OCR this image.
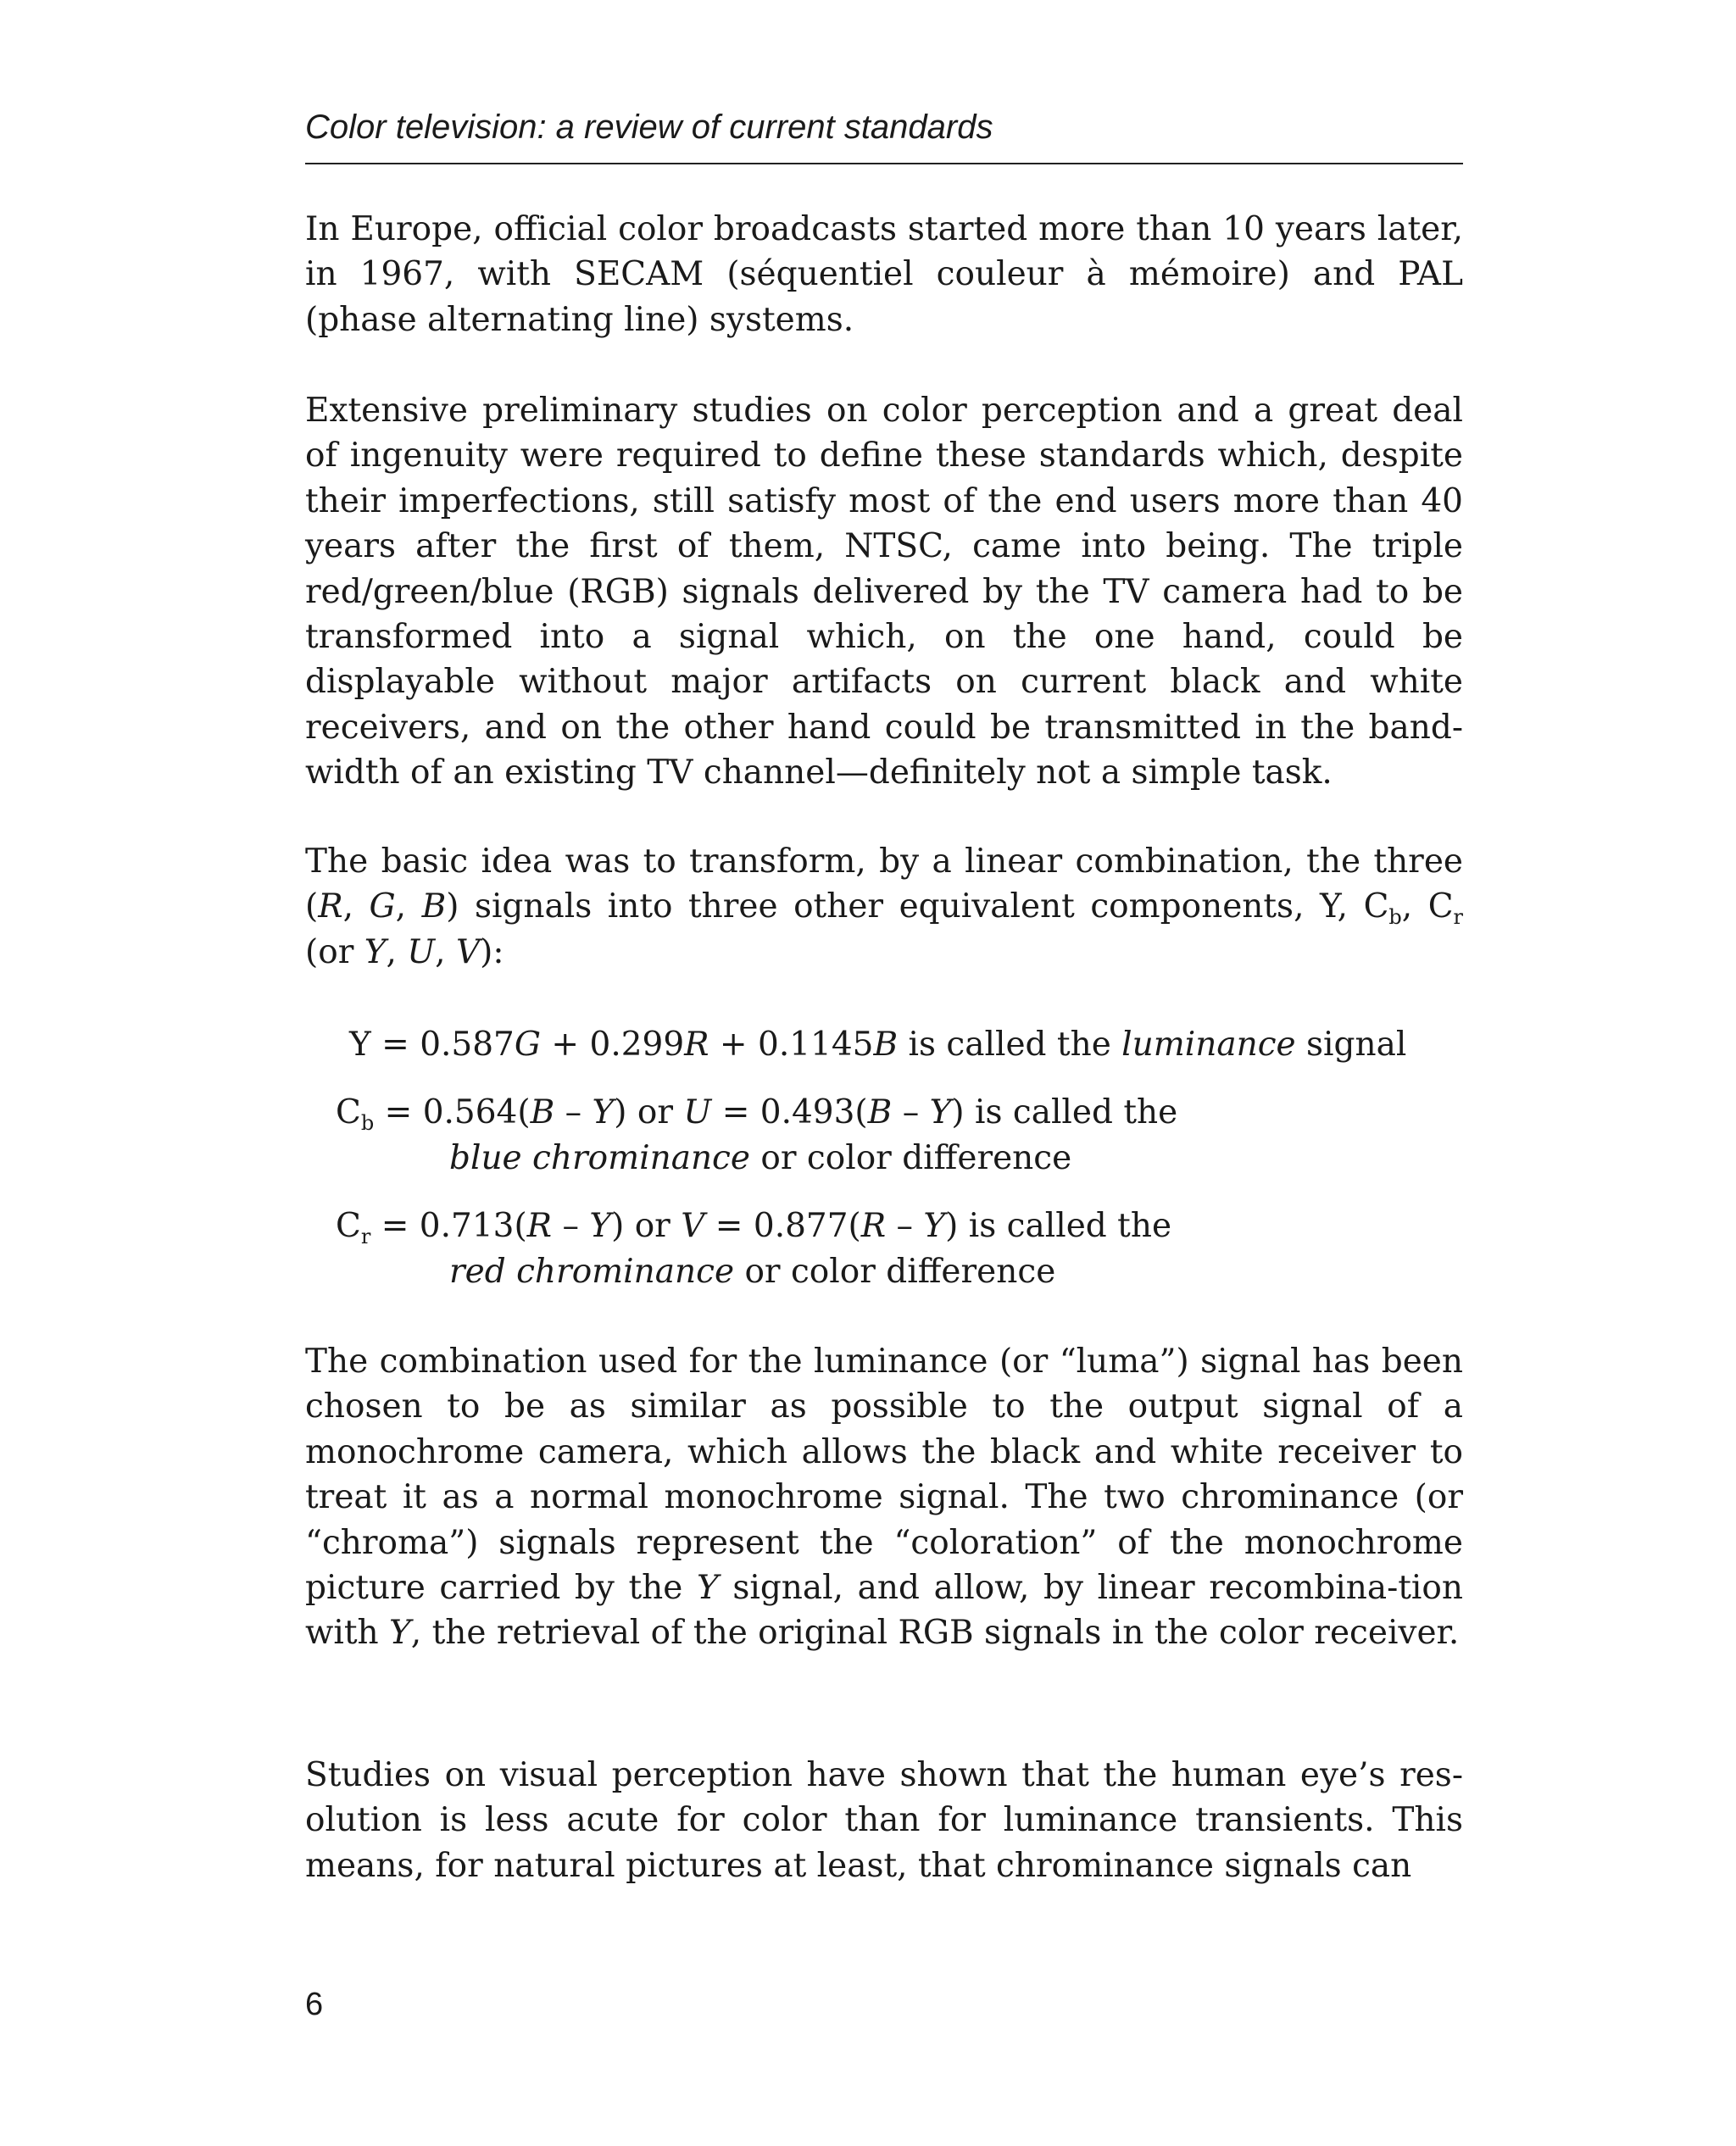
Color television: a review of current standards

In Europe, official color broadcasts started more than 10 years later, in 1967, with SECAM (séquentiel couleur à mémoire) and PAL (phase alternating line) systems.

Extensive preliminary studies on color perception and a great deal of ingenuity were required to define these standards which, despite their imperfections, still satisfy most of the end users more than 40 years after the first of them, NTSC, came into being. The triple red/green/blue (RGB) signals delivered by the TV camera had to be transformed into a signal which, on the one hand, could be displayable without major artifacts on current black and white receivers, and on the other hand could be transmitted in the band-width of an existing TV channel—definitely not a simple task.

The basic idea was to transform, by a linear combination, the three (R, G, B) signals into three other equivalent components, Y, $C_b$, $C_r$ (or Y, U, V):

Y = 0.587G + 0.299R + 0.1145B is called the luminance signal
$C_b = 0.564(B - Y)$ or U = 0.493(B – Y) is called the
blue chrominance or color difference
$C_r = 0.713(R - Y)$ or V = 0.877(R – Y) is called the
red chrominance or color difference

The combination used for the luminance (or “luma”) signal has been chosen to be as similar as possible to the output signal of a monochrome camera, which allows the black and white receiver to treat it as a normal monochrome signal. The two chrominance (or “chroma”) signals represent the “coloration” of the monochrome picture carried by the Y signal, and allow, by linear recombina-tion with Y, the retrieval of the original RGB signals in the color receiver.

Studies on visual perception have shown that the human eye’s res-olution is less acute for color than for luminance transients. This means, for natural pictures at least, that chrominance signals can

6
